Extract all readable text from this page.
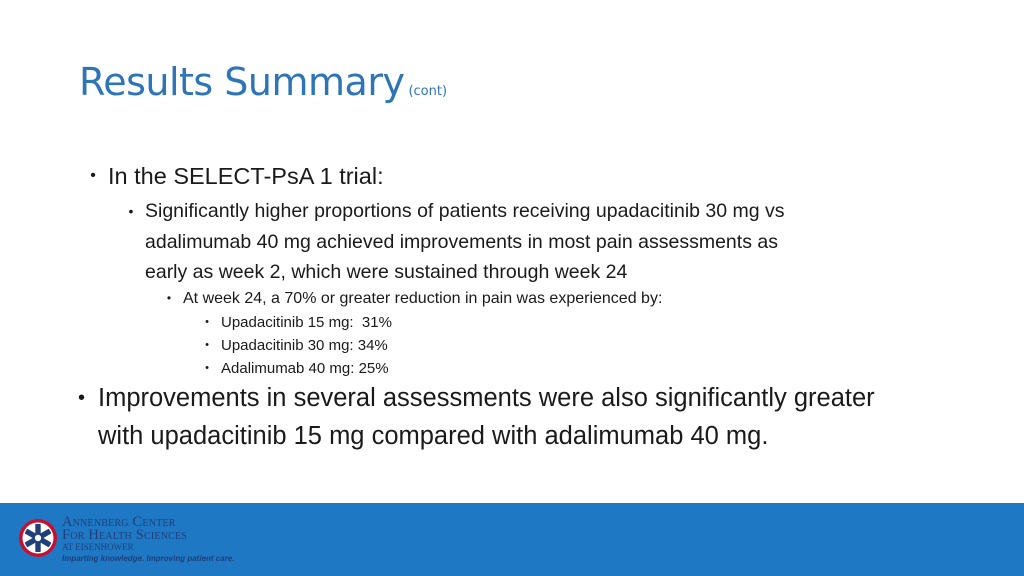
Results Summary (cont)
• In the SELECT-PsA 1 trial:
• Significantly higher proportions of patients receiving upadacitinib 30 mg vs
adalimumab 40 mg achieved improvements in most pain assessments as
early as week 2, which were sustained through week 24
• At week 24, a 70% or greater reduction in pain was experienced by:
• Upadacitinib 15 mg:  31%
• Upadacitinib 30 mg: 34%
• Adalimumab 40 mg: 25%
• Improvements in several assessments were also significantly greater
with upadacitinib 15 mg compared with adalimumab 40 mg.
Annenberg Center
For Health Sciences
AT EISENHOWER
Imparting knowledge. Improving patient care.
